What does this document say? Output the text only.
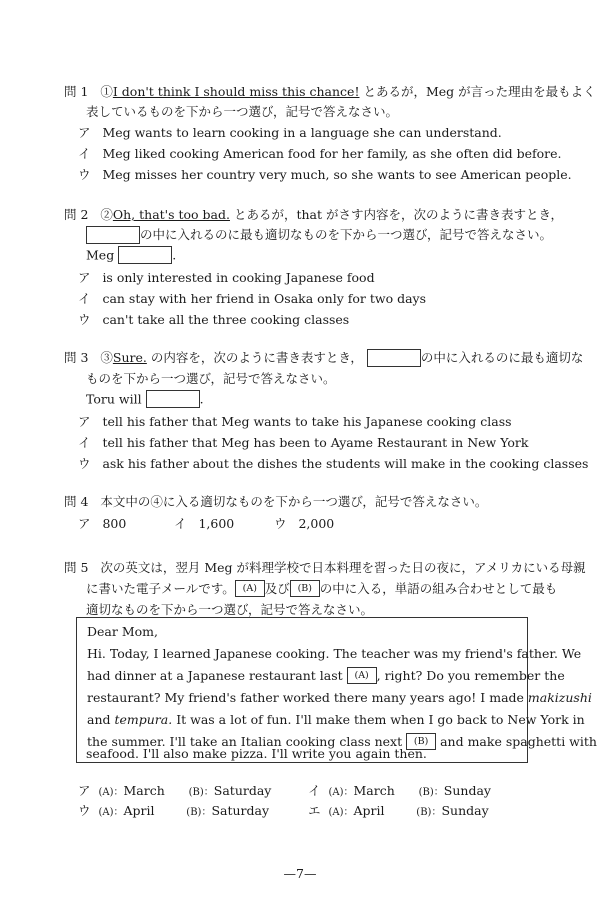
問 1 ①I don't think I should miss this chance! とあるが，Meg が言った理由を最もよく
表しているものを下から一つ選び，記号で答えなさい。
ア Meg wants to learn cooking in a language she can understand.
イ Meg liked cooking American food for her family, as she often did before.
ウ Meg misses her country very much, so she wants to see American people.
問 2 ②Oh, that's too bad. とあるが，that がさす内容を，次のように書き表すとき，
の中に入れるのに最も適切なものを下から一つ選び，記号で答えなさい。
Meg	.
ア is only interested in cooking Japanese food
イ can stay with her friend in Osaka only for two days
ウ can't take all the three cooking classes
問 3 ③Sure. の内容を，次のように書き表すとき，	の中に入れるのに最も適切な
ものを下から一つ選び，記号で答えなさい。
Toru will	.
ア tell his father that Meg wants to take his Japanese cooking class
イ tell his father that Meg has been to Ayame Restaurant in New York
ウ ask his father about the dishes the students will make in the cooking classes
問 4 本文中の④に入る適切なものを下から一つ選び，記号で答えなさい。
ア 800	イ 1,600	ウ 2,000
問 5 次の英文は，翌月 Meg が料理学校で日本料理を習った日の夜に，アメリカにいる母親
に書いた電子メールです。 (A) 及び (B) の中に入る，単語の組み合わせとして最も
適切なものを下から一つ選び，記号で答えなさい。
Dear Mom,
Hi. Today, I learned Japanese cooking. The teacher was my friend's father. We
had dinner at a Japanese restaurant last (A) , right? Do you remember the
restaurant? My friend's father worked there many years ago! I made makizushi
and tempura. It was a lot of fun. I'll make them when I go back to New York in
the summer. I'll take an Italian cooking class next (B) and make spaghetti with
seafood. I'll also make pizza. I'll write you again then.
ア (A)：March (B)：Saturday	イ (A)：March (B)：Sunday
ウ (A)：April	(B)：Saturday	エ (A)：April	(B)：Sunday
—7—
